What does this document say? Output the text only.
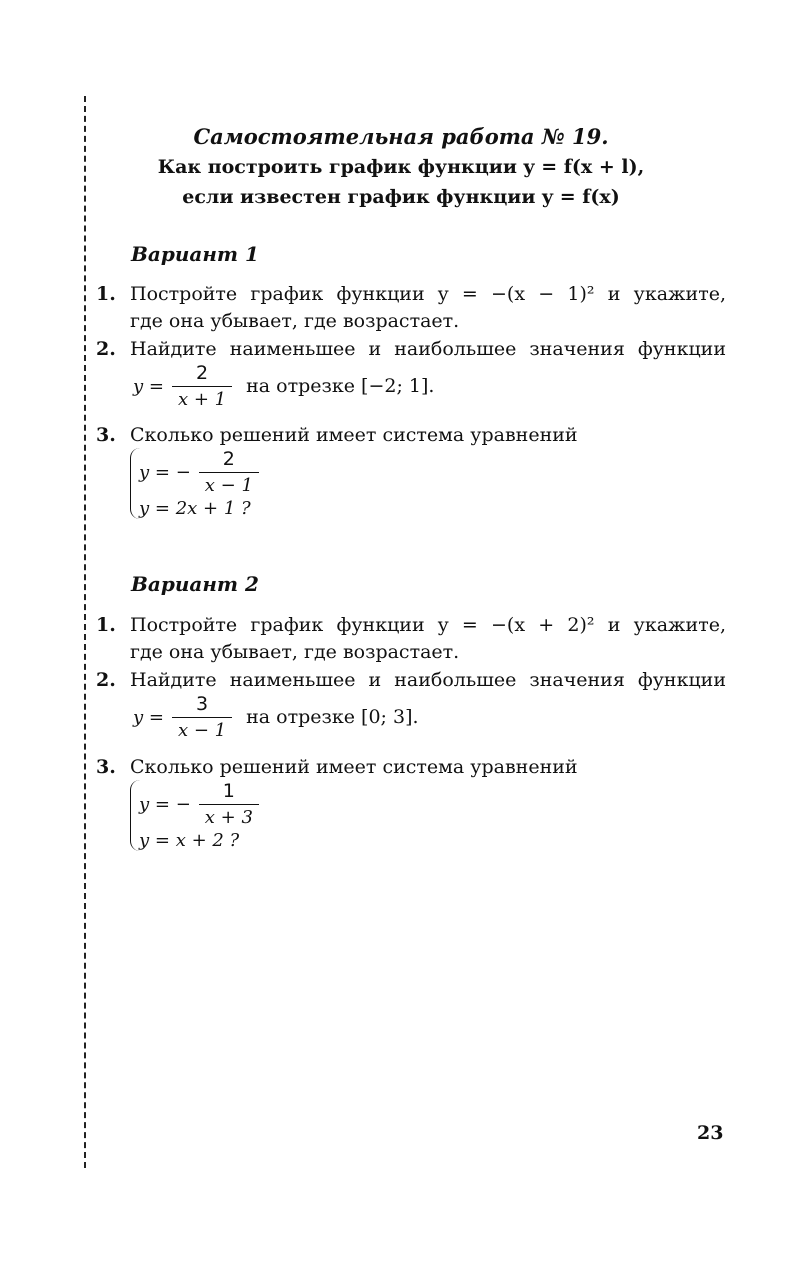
Самостоятельная работа № 19.
Как построить график функции y = f(x + l),
если известен график функции y = f(x)
Вариант 1
1. Постройте график функции y = −(x − 1)² и укажите,
где она убывает, где возрастает.
2. Найдите наименьшее и наибольшее значения функции
$y = \frac{2}{x + 1}$ на отрезке [−2; 1].
3. Сколько решений имеет система уравнений
y = − $\frac{2}{x - 1}$
y = 2x + 1 ?
Вариант 2
1. Постройте график функции y = −(x + 2)² и укажите,
где она убывает, где возрастает.
2. Найдите наименьшее и наибольшее значения функции
$y = \frac{3}{x - 1}$ на отрезке [0; 3].
3. Сколько решений имеет система уравнений
y = − $\frac{1}{x + 3}$
y = x + 2 ?
23
